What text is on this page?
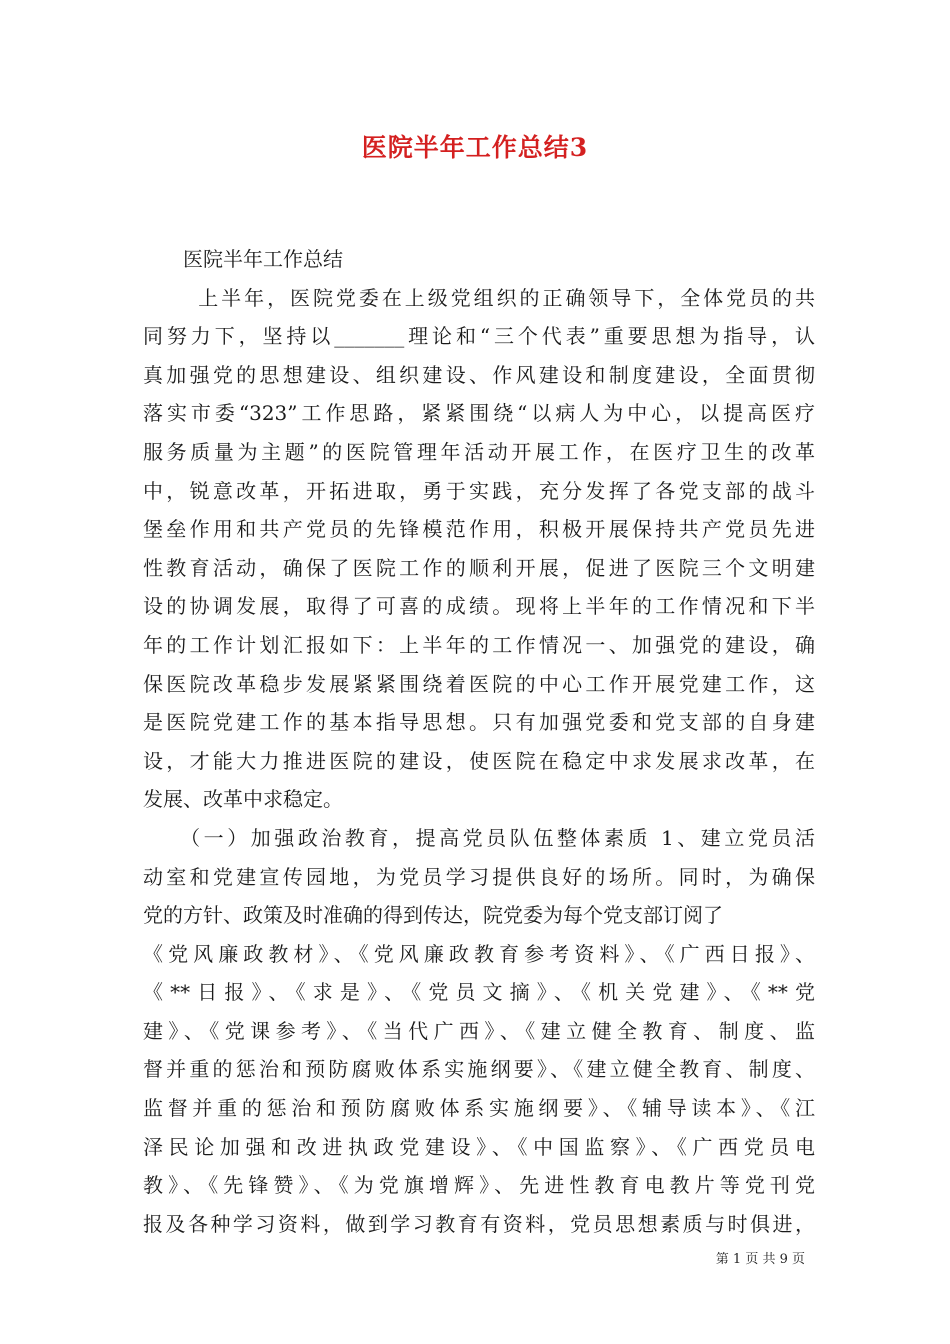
医院半年工作总结3
　　医院半年工作总结
　　 上半年，医院党委在上级党组织的正确领导下，全体党员的共
同努力下，坚持以_______理论和“三个代表”重要思想为指导，认
真加强党的思想建设、组织建设、作风建设和制度建设，全面贯彻
落实市委“323”工作思路，紧紧围绕“以病人为中心，以提高医疗
服务质量为主题”的医院管理年活动开展工作，在医疗卫生的改革
中，锐意改革，开拓进取，勇于实践，充分发挥了各党支部的战斗
堡垒作用和共产党员的先锋模范作用，积极开展保持共产党员先进
性教育活动，确保了医院工作的顺利开展，促进了医院三个文明建
设的协调发展，取得了可喜的成绩。现将上半年的工作情况和下半
年的工作计划汇报如下：上半年的工作情况一、加强党的建设，确
保医院改革稳步发展紧紧围绕着医院的中心工作开展党建工作，这
是医院党建工作的基本指导思想。只有加强党委和党支部的自身建
设，才能大力推进医院的建设，使医院在稳定中求发展求改革，在
发展、改革中求稳定。
　　（一）加强政治教育，提高党员队伍整体素质 1、建立党员活
动室和党建宣传园地，为党员学习提供良好的场所。同时，为确保
党的方针、政策及时准确的得到传达，院党委为每个党支部订阅了
《党风廉政教材》、《党风廉政教育参考资料》、《广西日报》、
《**日报》、《求是》、《党员文摘》、《机关党建》、《**党
建》、《党课参考》、《当代广西》、《建立健全教育、制度、监
督并重的惩治和预防腐败体系实施纲要》、《建立健全教育、制度、
监督并重的惩治和预防腐败体系实施纲要》、《辅导读本》、《江
泽民论加强和改进执政党建设》、《中国监察》、《广西党员电
教》、《先锋赞》、《为党旗增辉》、先进性教育电教片等党刊党
报及各种学习资料，做到学习教育有资料，党员思想素质与时俱进，
第 1 页 共 9 页
